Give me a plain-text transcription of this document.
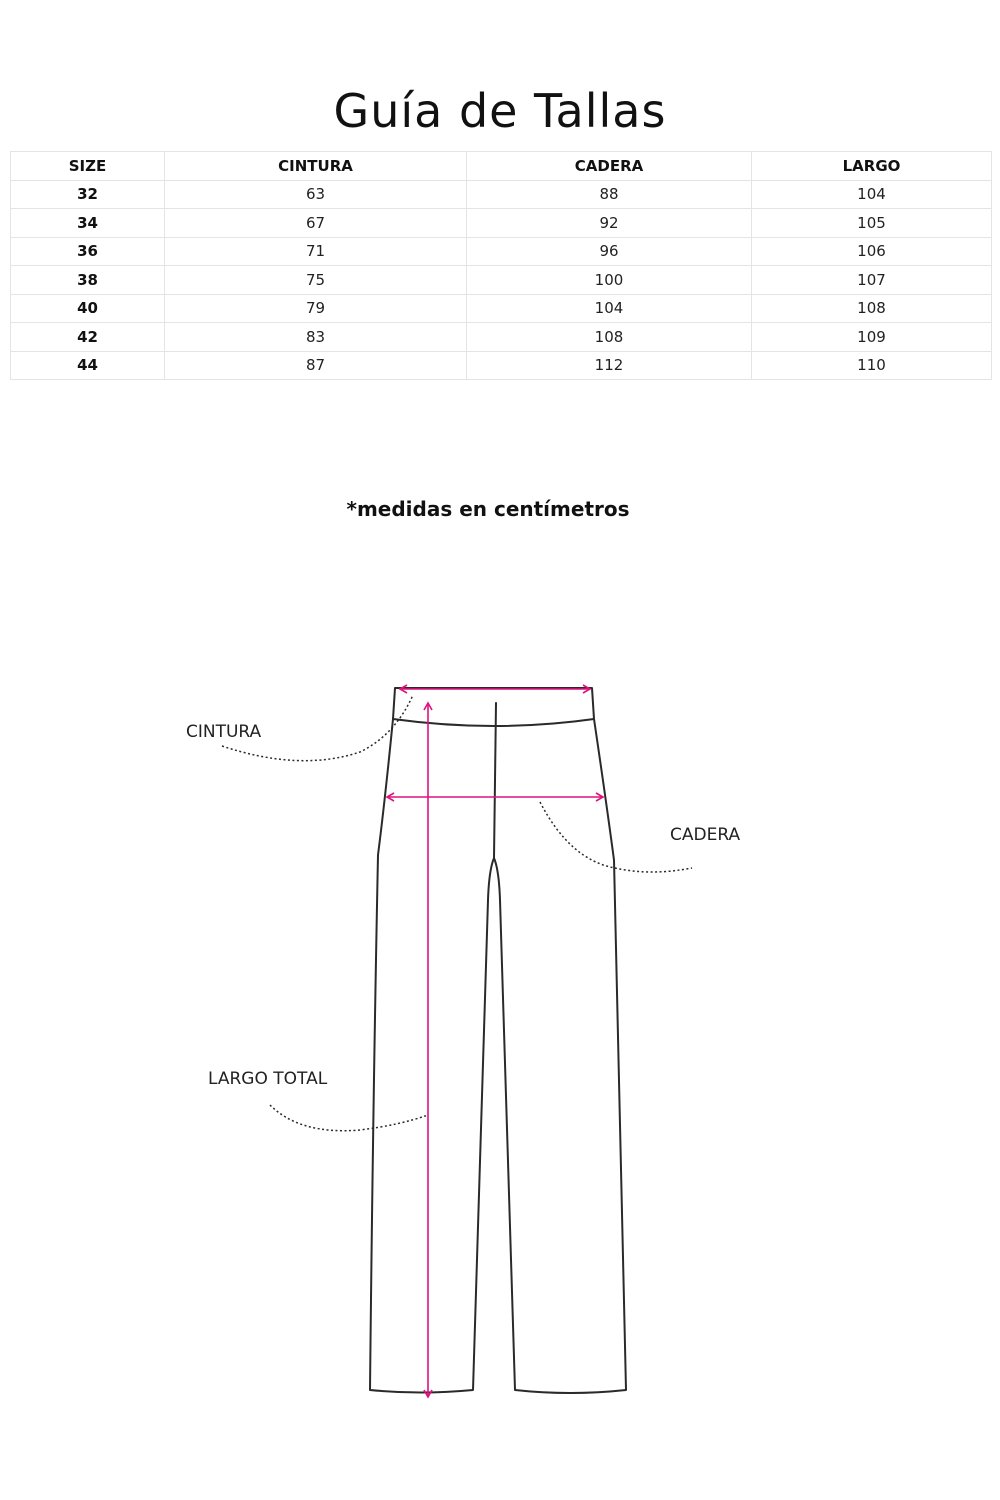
Guía de Tallas
SIZE	CINTURA	CADERA	LARGO
32	63	88	104
34	67	92	105
36	71	96	106
38	75	100	107
40	79	104	108
42	83	108	109
44	87	112	110
*medidas en centímetros
CINTURA
CADERA
LARGO TOTAL
